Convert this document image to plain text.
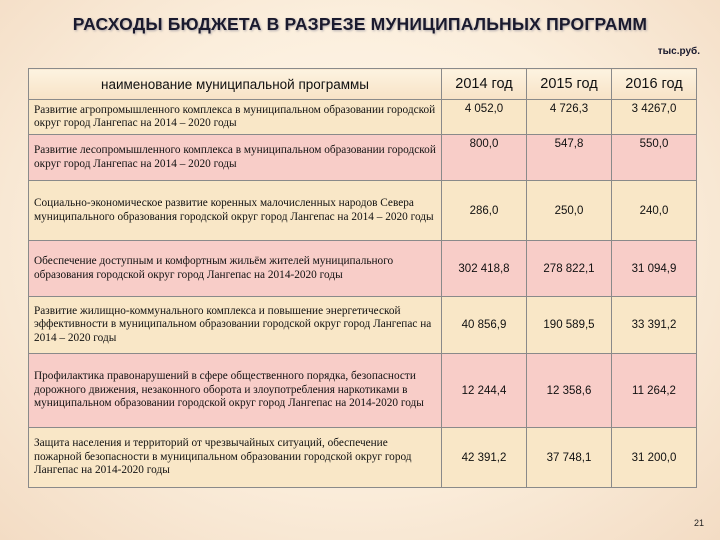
РАСХОДЫ БЮДЖЕТА В РАЗРЕЗЕ МУНИЦИПАЛЬНЫХ ПРОГРАММ
тыс.руб.
наименование муниципальной программы	2014 год	2015 год	2016 год
Развитие агропромышленного комплекса в муниципальном образовании городской округ город Лангепас на 2014 – 2020 годы	4 052,0	4 726,3	3 4267,0
Развитие лесопромышленного комплекса в муниципальном образовании городской округ город Лангепас на 2014 – 2020 годы	800,0	547,8	550,0
Социально-экономическое развитие коренных малочисленных народов Севера муниципального образования городской округ город Лангепас на 2014 – 2020 годы	286,0	250,0	240,0
Обеспечение доступным и комфортным жильём жителей муниципального образования городской округ город Лангепас на 2014-2020 годы	302 418,8	278 822,1	31 094,9
Развитие жилищно-коммунального комплекса и повышение энергетической эффективности в муниципальном образовании городской округ город Лангепас на 2014 – 2020 годы	40 856,9	190 589,5	33 391,2
Профилактика правонарушений в сфере общественного порядка, безопасности дорожного движения, незаконного оборота и злоупотребления наркотиками в муниципальном образовании городской округ город Лангепас на 2014-2020 годы	12 244,4	12 358,6	11 264,2
Защита населения и территорий от чрезвычайных ситуаций, обеспечение пожарной безопасности в муниципальном образовании городской округ город Лангепас на 2014-2020 годы	42 391,2	37 748,1	31 200,0
21
